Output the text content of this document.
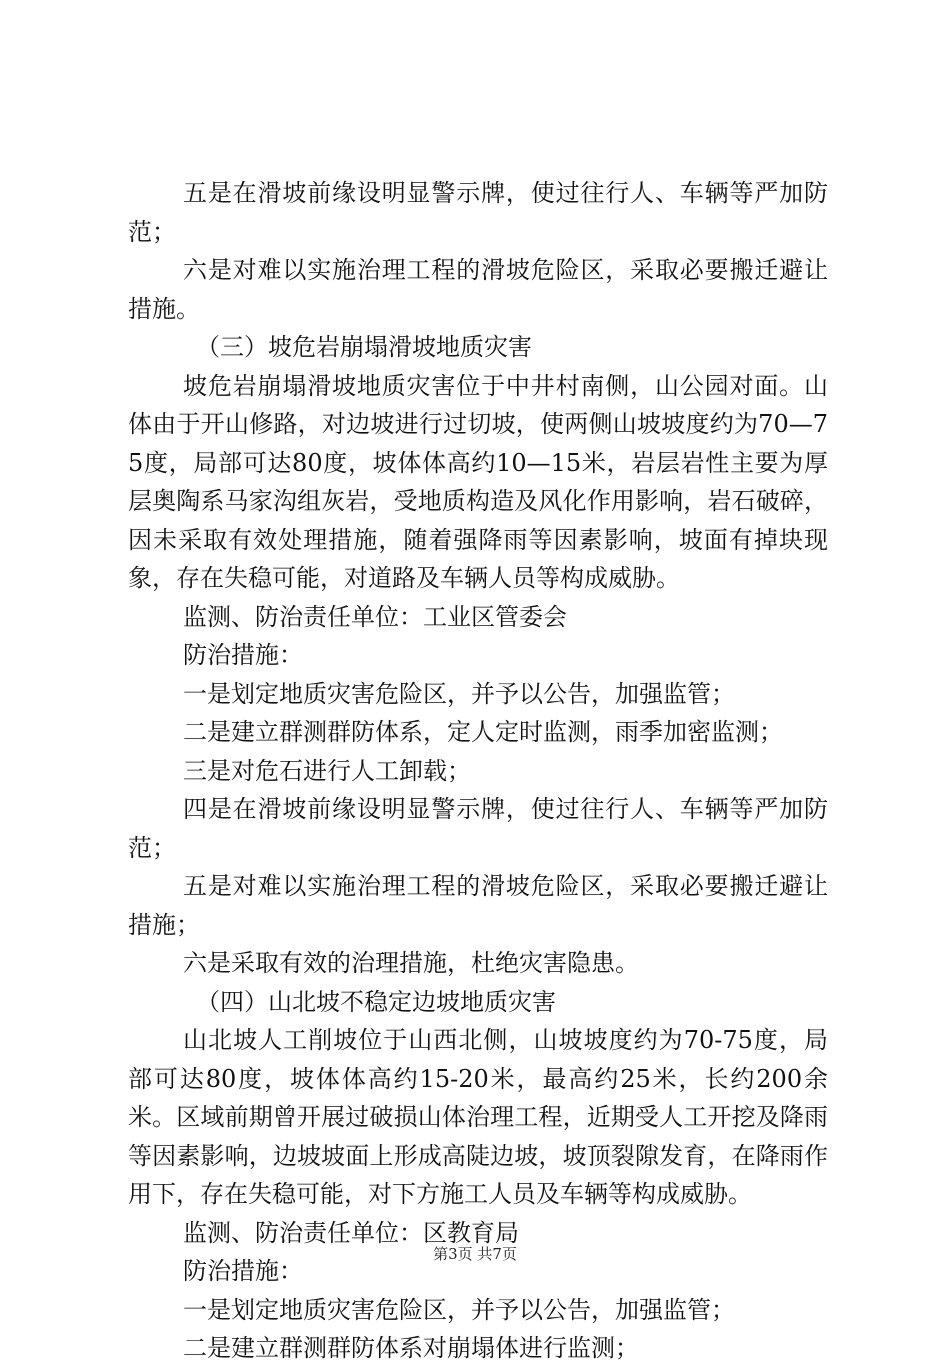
五是在滑坡前缘设明显警示牌，使过往行人、车辆等严加防范；

六是对难以实施治理工程的滑坡危险区，采取必要搬迁避让措施。

（三）坡危岩崩塌滑坡地质灾害

坡危岩崩塌滑坡地质灾害位于中井村南侧，山公园对面。山体由于开山修路，对边坡进行过切坡，使两侧山坡坡度约为70—75度，局部可达80度，坡体体高约10—15米，岩层岩性主要为厚层奥陶系马家沟组灰岩，受地质构造及风化作用影响，岩石破碎，因未采取有效处理措施，随着强降雨等因素影响，坡面有掉块现象，存在失稳可能，对道路及车辆人员等构成威胁。

监测、防治责任单位：工业区管委会

防治措施：

一是划定地质灾害危险区，并予以公告，加强监管；

二是建立群测群防体系，定人定时监测，雨季加密监测；

三是对危石进行人工卸载；

四是在滑坡前缘设明显警示牌，使过往行人、车辆等严加防范；

五是对难以实施治理工程的滑坡危险区，采取必要搬迁避让措施；

六是采取有效的治理措施，杜绝灾害隐患。

（四）山北坡不稳定边坡地质灾害

山北坡人工削坡位于山西北侧，山坡坡度约为70-75度，局部可达80度，坡体体高约15-20米，最高约25米，长约200余米。区域前期曾开展过破损山体治理工程，近期受人工开挖及降雨等因素影响，边坡坡面上形成高陡边坡，坡顶裂隙发育，在降雨作用下，存在失稳可能，对下方施工人员及车辆等构成威胁。

监测、防治责任单位：区教育局

防治措施：

一是划定地质灾害危险区，并予以公告，加强监管；

二是建立群测群防体系对崩塌体进行监测；

第3页 共7页
